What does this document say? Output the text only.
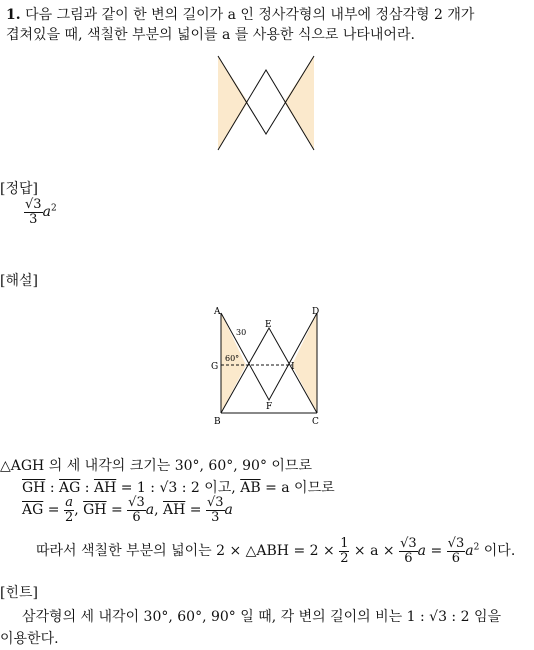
1. 다음 그림과 같이 한 변의 길이가 a 인 정사각형의 내부에 정삼각형 2 개가
겹쳐있을 때, 색칠한 부분의 넓이를 a 를 사용한 식으로 나타내어라.
[정답]
$\frac{√3}{3} a^2$
[해설]
A	D
E
G	I
B
F
C
30
60°
△AGH 의 세 내각의 크기는 30°, 60°, 90° 이므로
$\overline{GH}$ : $\overline{AG}$ : $\overline{AH} = 1$ : √3 : 2 이고, $\overline{AB} = a$ 이므로
$\overline{AG} = \frac{a}{2}$ , $\overline{GH} = \frac{√3}{6} a$, $\overline{AH} = \frac{√3}{3}$ a
따라서 색칠한 부분의 넓이는 2 × △ABH = $2 \times \frac{1}{2} \times a \times \frac{√3}{6}$ $a = \frac{√3}{6} a^2$ 이다.
[힌트]
삼각형의 세 내각이 30°, 60°, 90° 일 때, 각 변의 길이의 비는 1 : √3 : 2 임을
이용한다.
